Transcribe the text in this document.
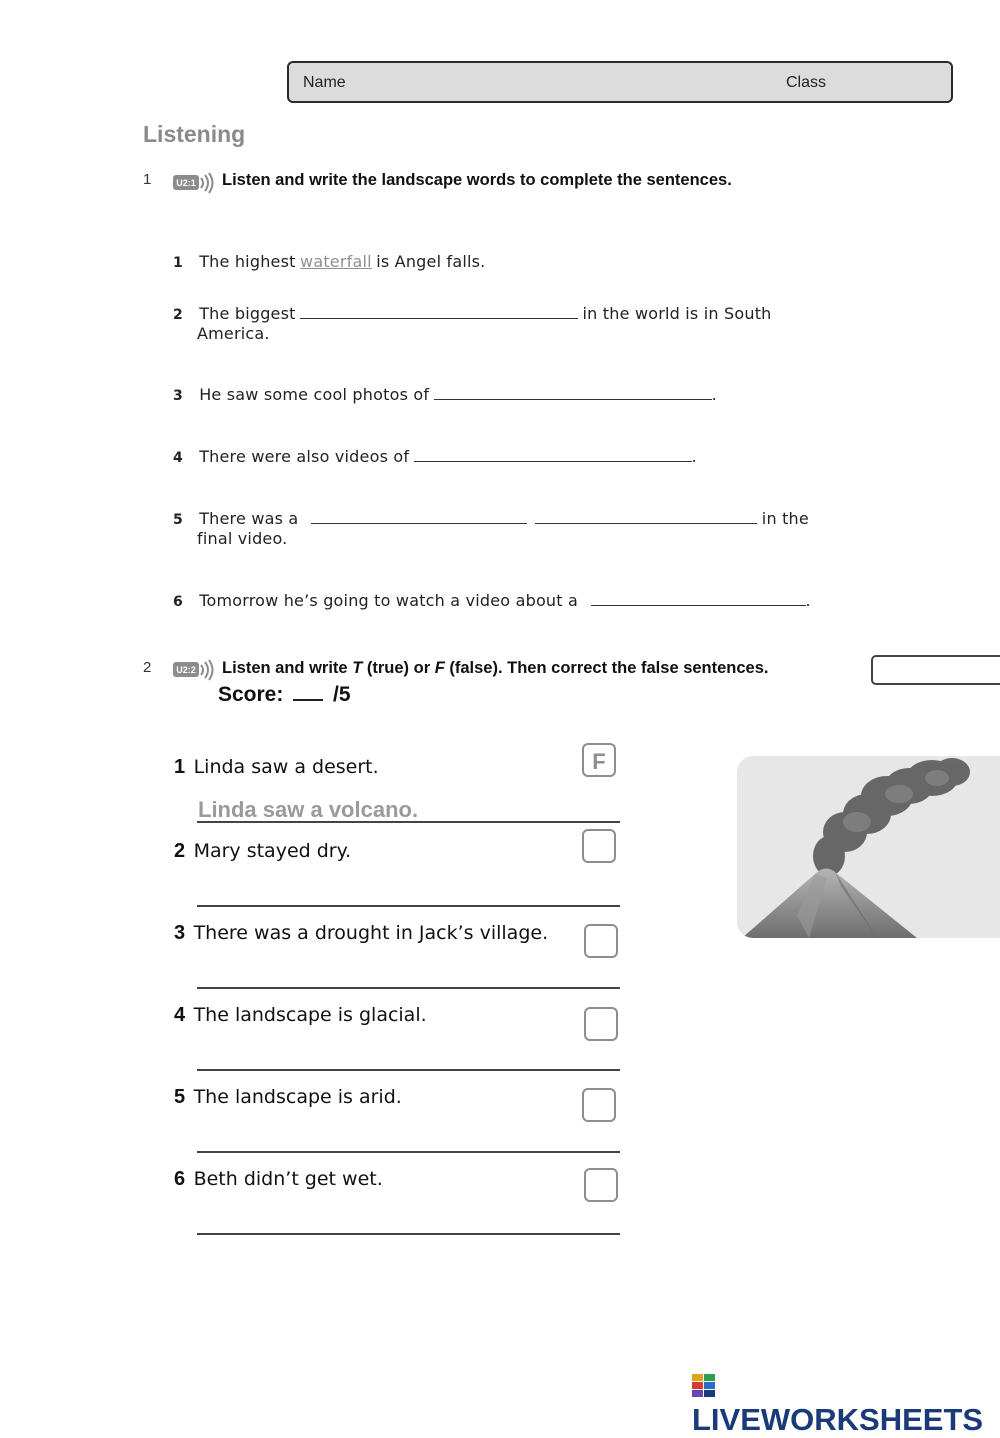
Name	Class
Listening
1	U2:1 Listen and write the landscape words to complete the sentences.
1 The highest waterfall is Angel falls.
2 The biggest	in the world is in South
America.
3 He saw some cool photos of	.
4 There were also videos of	.
5 There was a	in the
final video.
6 Tomorrow he’s going to watch a video about a	.
2	U2:2 Listen and write T (true) or F (false). Then correct the false sentences.
Score: /5
1 Linda saw a desert.	F
Linda saw a volcano.
2 Mary stayed dry.
3 There was a drought in Jack’s village.
4 The landscape is glacial.
5 The landscape is arid.
6 Beth didn’t get wet.
LIVEWORKSHEETS
